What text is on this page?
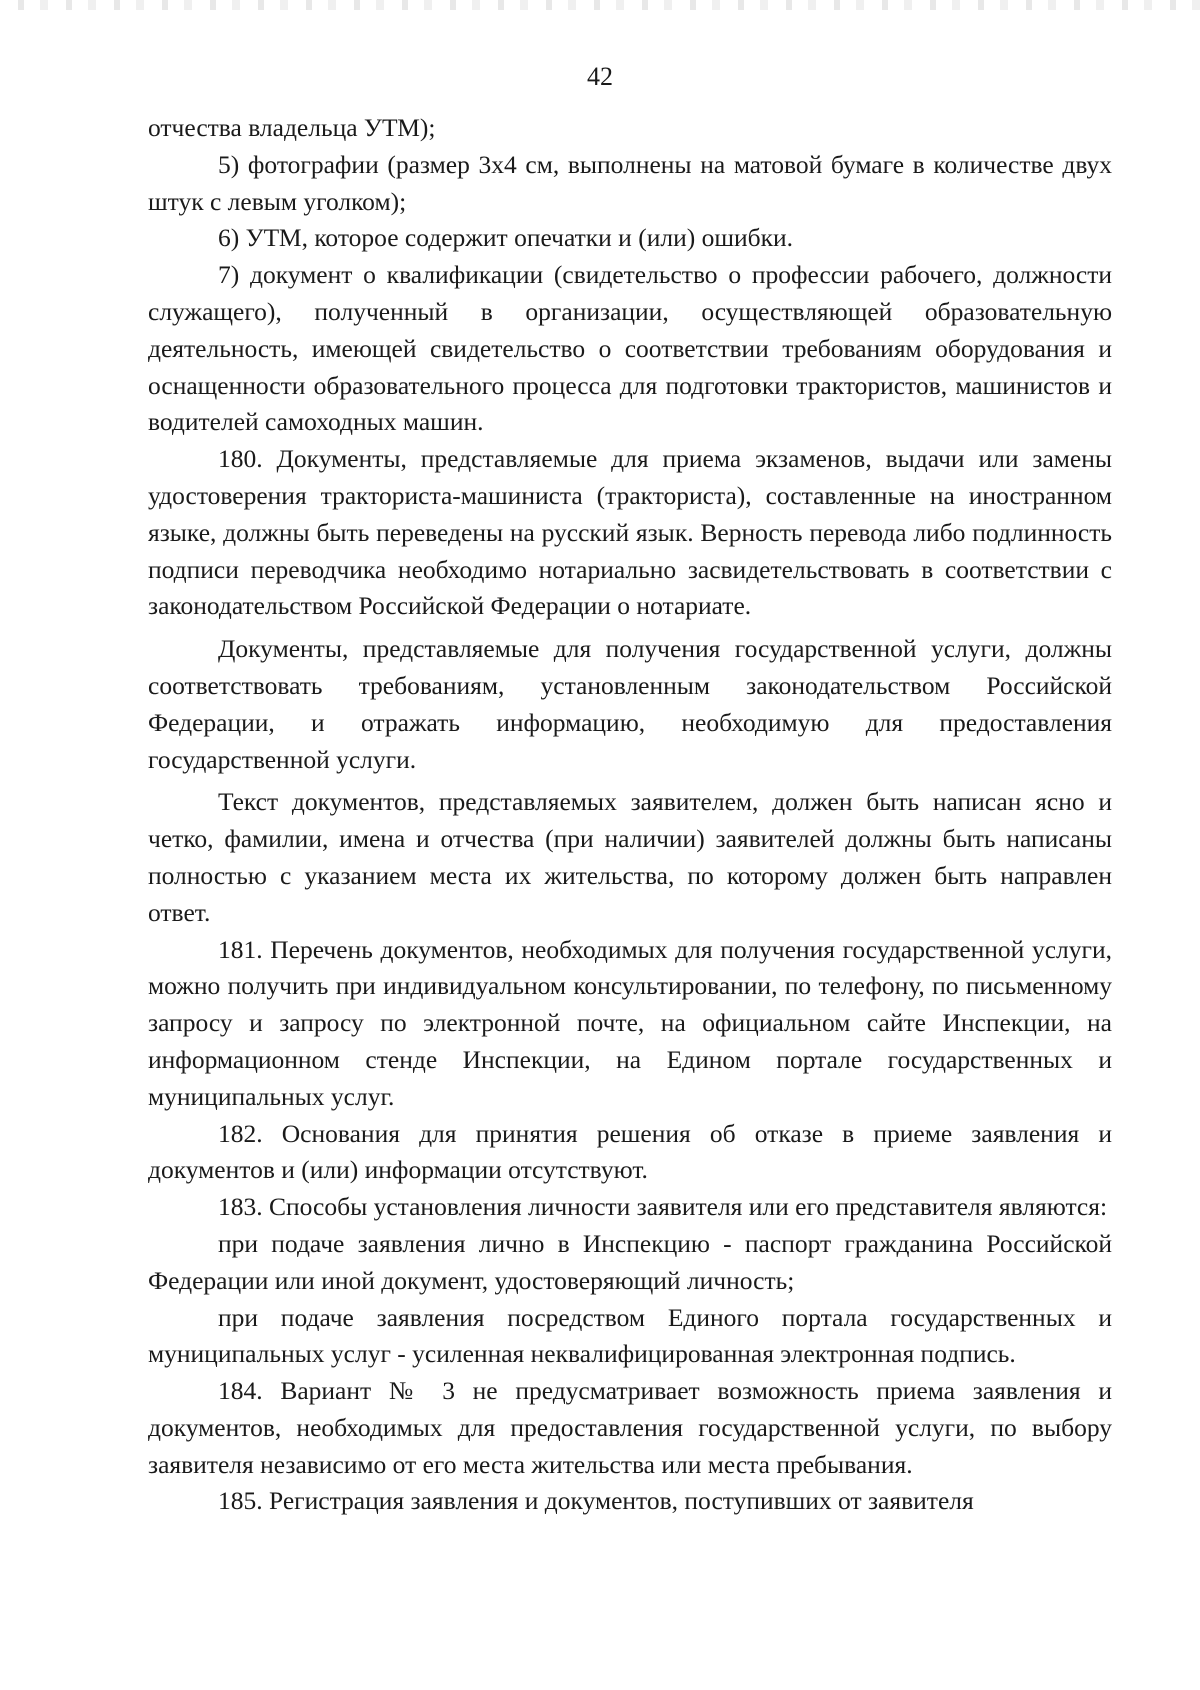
42

отчества владельца УТМ);

5) фотографии (размер 3х4 см, выполнены на матовой бумаге в количестве двух штук с левым уголком);

6) УТМ, которое содержит опечатки и (или) ошибки.

7) документ о квалификации (свидетельство о профессии рабочего, должности служащего), полученный в организации, осуществляющей образовательную деятельность, имеющей свидетельство о соответствии требованиям оборудования и оснащенности образовательного процесса для подготовки трактористов, машинистов и водителей самоходных машин.

180. Документы, представляемые для приема экзаменов, выдачи или замены удостоверения тракториста-машиниста (тракториста), составленные на иностранном языке, должны быть переведены на русский язык. Верность перевода либо подлинность подписи переводчика необходимо нотариально засвидетельствовать в соответствии с законодательством Российской Федерации о нотариате.

Документы, представляемые для получения государственной услуги, должны соответствовать требованиям, установленным законодательством Российской Федерации, и отражать информацию, необходимую для предоставления государственной услуги.

Текст документов, представляемых заявителем, должен быть написан ясно и четко, фамилии, имена и отчества (при наличии) заявителей должны быть написаны полностью с указанием места их жительства, по которому должен быть направлен ответ.

181. Перечень документов, необходимых для получения государственной услуги, можно получить при индивидуальном консультировании, по телефону, по письменному запросу и запросу по электронной почте, на официальном сайте Инспекции, на информационном стенде Инспекции, на Едином портале государственных и муниципальных услуг.

182. Основания для принятия решения об отказе в приеме заявления и документов и (или) информации отсутствуют.

183. Способы установления личности заявителя или его представителя являются:

при подаче заявления лично в Инспекцию - паспорт гражданина Российской Федерации или иной документ, удостоверяющий личность;

при подаче заявления посредством Единого портала государственных и муниципальных услуг - усиленная неквалифицированная электронная подпись.

184. Вариант № 3 не предусматривает возможность приема заявления и документов, необходимых для предоставления государственной услуги, по выбору заявителя независимо от его места жительства или места пребывания.

185. Регистрация заявления и документов, поступивших от заявителя
